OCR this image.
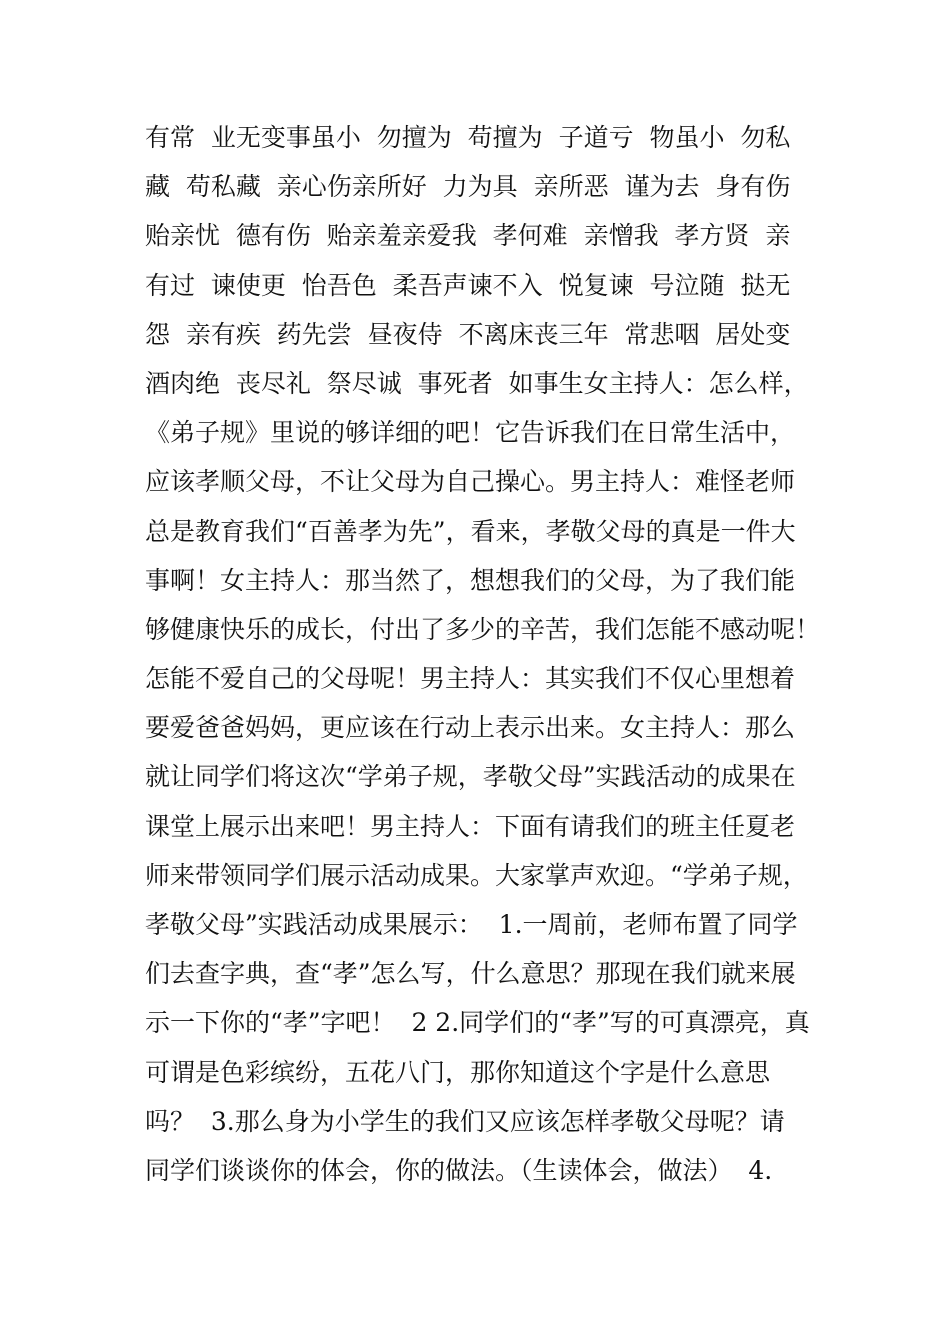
有常  业无变事虽小  勿擅为  苟擅为  子道亏  物虽小  勿私
藏  苟私藏  亲心伤亲所好  力为具  亲所恶  谨为去  身有伤
贻亲忧  德有伤  贻亲羞亲爱我  孝何难  亲憎我  孝方贤  亲
有过  谏使更  怡吾色  柔吾声谏不入  悦复谏  号泣随  挞无
怨  亲有疾  药先尝  昼夜侍  不离床丧三年  常悲咽  居处变
酒肉绝  丧尽礼  祭尽诚  事死者  如事生女主持人：怎么样，
《弟子规》里说的够详细的吧！它告诉我们在日常生活中，
应该孝顺父母，不让父母为自己操心。男主持人：难怪老师
总是教育我们“百善孝为先”，看来，孝敬父母的真是一件大
事啊！女主持人：那当然了，想想我们的父母，为了我们能
够健康快乐的成长，付出了多少的辛苦，我们怎能不感动呢！
怎能不爱自己的父母呢！男主持人：其实我们不仅心里想着
要爱爸爸妈妈，更应该在行动上表示出来。女主持人：那么
就让同学们将这次“学弟子规，孝敬父母”实践活动的成果在
课堂上展示出来吧！男主持人：下面有请我们的班主任夏老
师来带领同学们展示活动成果。大家掌声欢迎。“学弟子规，
孝敬父母”实践活动成果展示：  1.一周前，老师布置了同学
们去查字典，查“孝”怎么写，什么意思？那现在我们就来展
示一下你的“孝”字吧！  2 2.同学们的“孝”写的可真漂亮，真
可谓是色彩缤纷，五花八门，那你知道这个字是什么意思
吗？  3.那么身为小学生的我们又应该怎样孝敬父母呢？请
同学们谈谈你的体会，你的做法。（生读体会，做法）  4.
